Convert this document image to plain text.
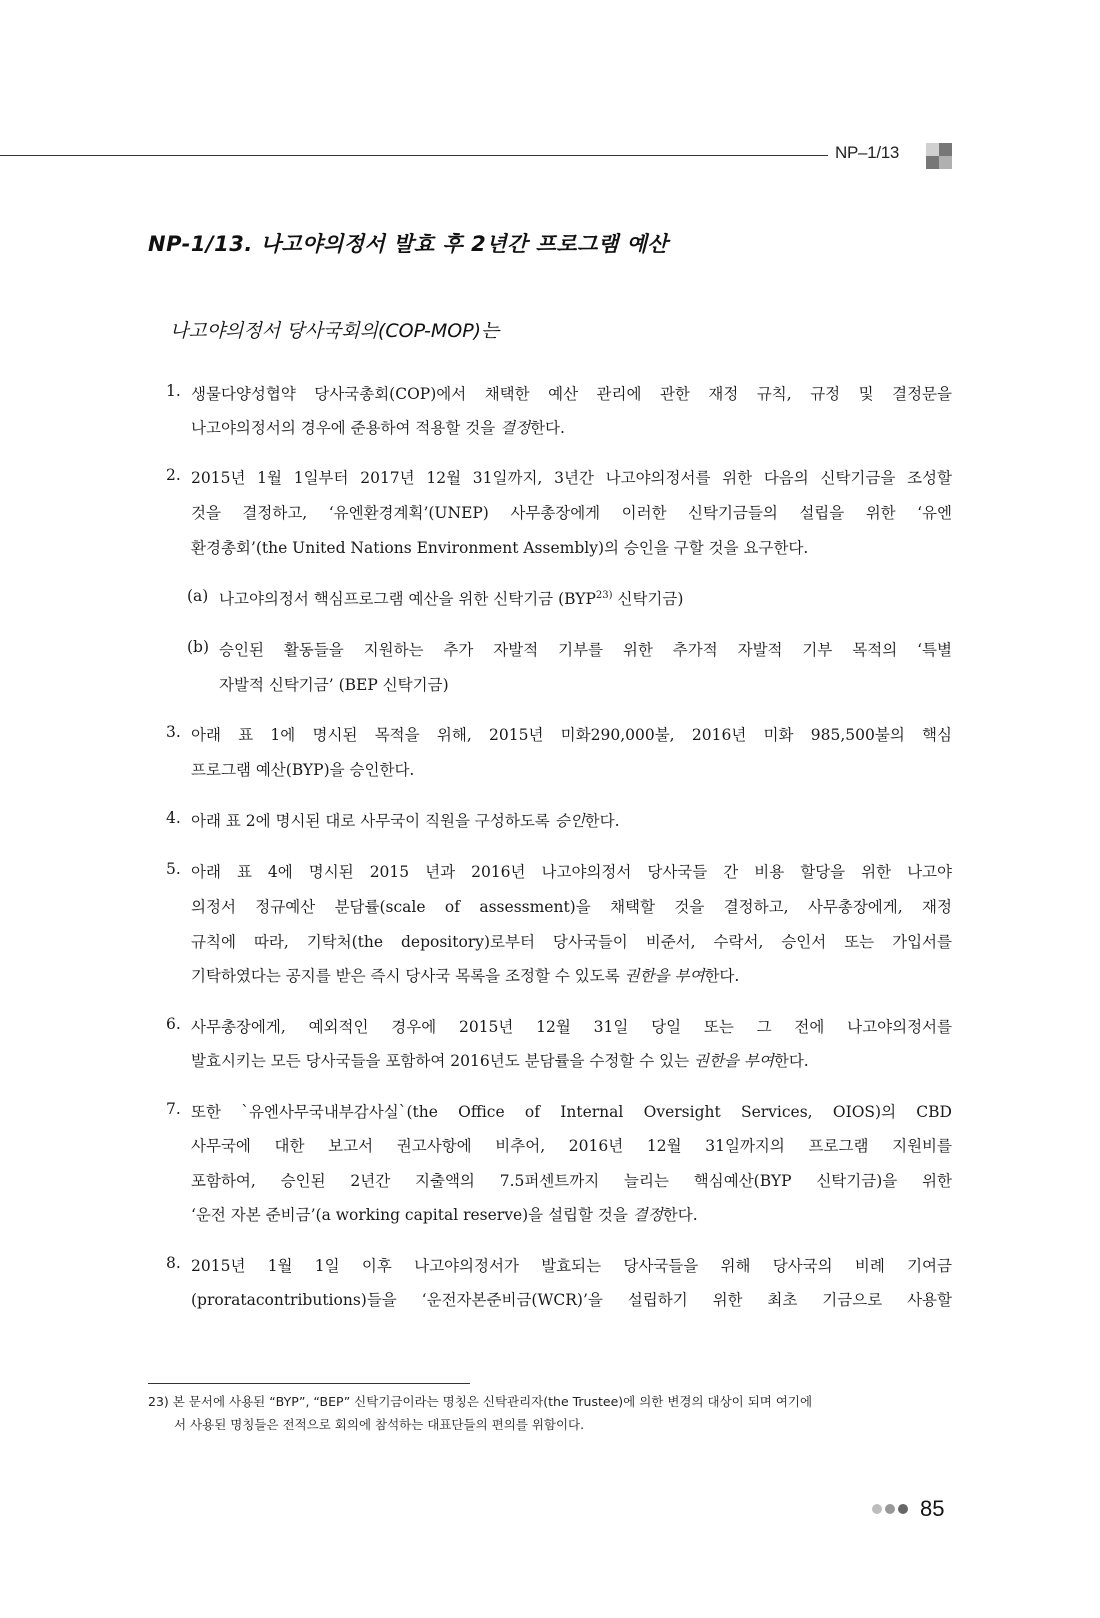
NP–1/13
NP-1/13. 나고야의정서 발효 후 2년간 프로그램 예산
나고야의정서 당사국회의(COP-MOP)는
1. 생물다양성협약 당사국총회(COP)에서 채택한 예산 관리에 관한 재정 규칙, 규정 및 결정문을
나고야의정서의 경우에 준용하여 적용할 것을 결정한다.
2. 2015년 1월 1일부터 2017년 12월 31일까지, 3년간 나고야의정서를 위한 다음의 신탁기금을 조성할
것을 결정하고, ‘유엔환경계획’(UNEP) 사무총장에게 이러한 신탁기금들의 설립을 위한 ‘유엔
환경총회’(the United Nations Environment Assembly)의 승인을 구할 것을 요구한다.
(a) 나고야의정서 핵심프로그램 예산을 위한 신탁기금 (BYP$^{23)}$ 신탁기금)
(b) 승인된 활동들을 지원하는 추가 자발적 기부를 위한 추가적 자발적 기부 목적의 ‘특별
자발적 신탁기금’ (BEP 신탁기금)
3. 아래 표 1에 명시된 목적을 위해, 2015년 미화290,000불, 2016년 미화 985,500불의 핵심
프로그램 예산(BYP)을 승인한다.
4. 아래 표 2에 명시된 대로 사무국이 직원을 구성하도록 승인한다.
5. 아래 표 4에 명시된 2015 년과 2016년 나고야의정서 당사국들 간 비용 할당을 위한 나고야
의정서 정규예산 분담률(scale of assessment)을 채택할 것을 결정하고, 사무총장에게, 재정
규칙에 따라, 기탁처(the depository)로부터 당사국들이 비준서, 수락서, 승인서 또는 가입서를
기탁하였다는 공지를 받은 즉시 당사국 목록을 조정할 수 있도록 권한을 부여한다.
6. 사무총장에게, 예외적인 경우에 2015년 12월 31일 당일 또는 그 전에 나고야의정서를
발효시키는 모든 당사국들을 포함하여 2016년도 분담률을 수정할 수 있는 권한을 부여한다.
7. 또한 `유엔사무국내부감사실`(the Office of Internal Oversight Services, OIOS)의 CBD
사무국에 대한 보고서 권고사항에 비추어, 2016년 12월 31일까지의 프로그램 지원비를
포함하여, 승인된 2년간 지출액의 7.5퍼센트까지 늘리는 핵심예산(BYP 신탁기금)을 위한
‘운전 자본 준비금’(a working capital reserve)을 설립할 것을 결정한다.
8. 2015년 1월 1일 이후 나고야의정서가 발효되는 당사국들을 위해 당사국의 비례 기여금
(proratacontributions)들을 ‘운전자본준비금(WCR)’을 설립하기 위한 최초 기금으로 사용할
23) 본 문서에 사용된 “BYP”, “BEP” 신탁기금이라는 명칭은 신탁관리자(the Trustee)에 의한 변경의 대상이 되며 여기에
서 사용된 명칭들은 전적으로 회의에 참석하는 대표단들의 편의를 위함이다.
85
